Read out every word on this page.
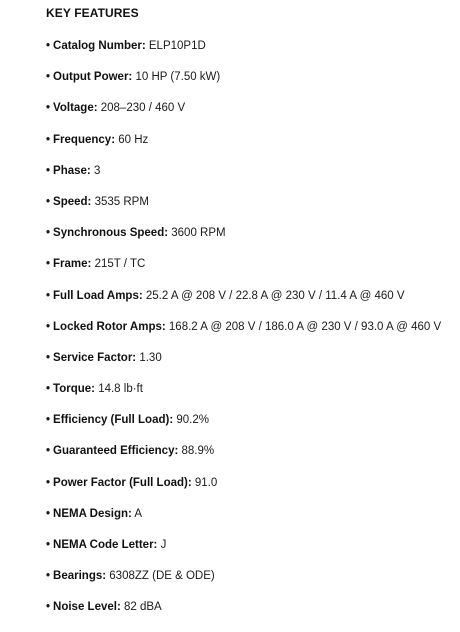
KEY FEATURES
• Catalog Number: ELP10P1D
• Output Power: 10 HP (7.50 kW)
• Voltage: 208–230 / 460 V
• Frequency: 60 Hz
• Phase: 3
• Speed: 3535 RPM
• Synchronous Speed: 3600 RPM
• Frame: 215T / TC
• Full Load Amps: 25.2 A @ 208 V / 22.8 A @ 230 V / 11.4 A @ 460 V
• Locked Rotor Amps: 168.2 A @ 208 V / 186.0 A @ 230 V / 93.0 A @ 460 V
• Service Factor: 1.30
• Torque: 14.8 lb·ft
• Efficiency (Full Load): 90.2%
• Guaranteed Efficiency: 88.9%
• Power Factor (Full Load): 91.0
• NEMA Design: A
• NEMA Code Letter: J
• Bearings: 6308ZZ (DE & ODE)
• Noise Level: 82 dBA
